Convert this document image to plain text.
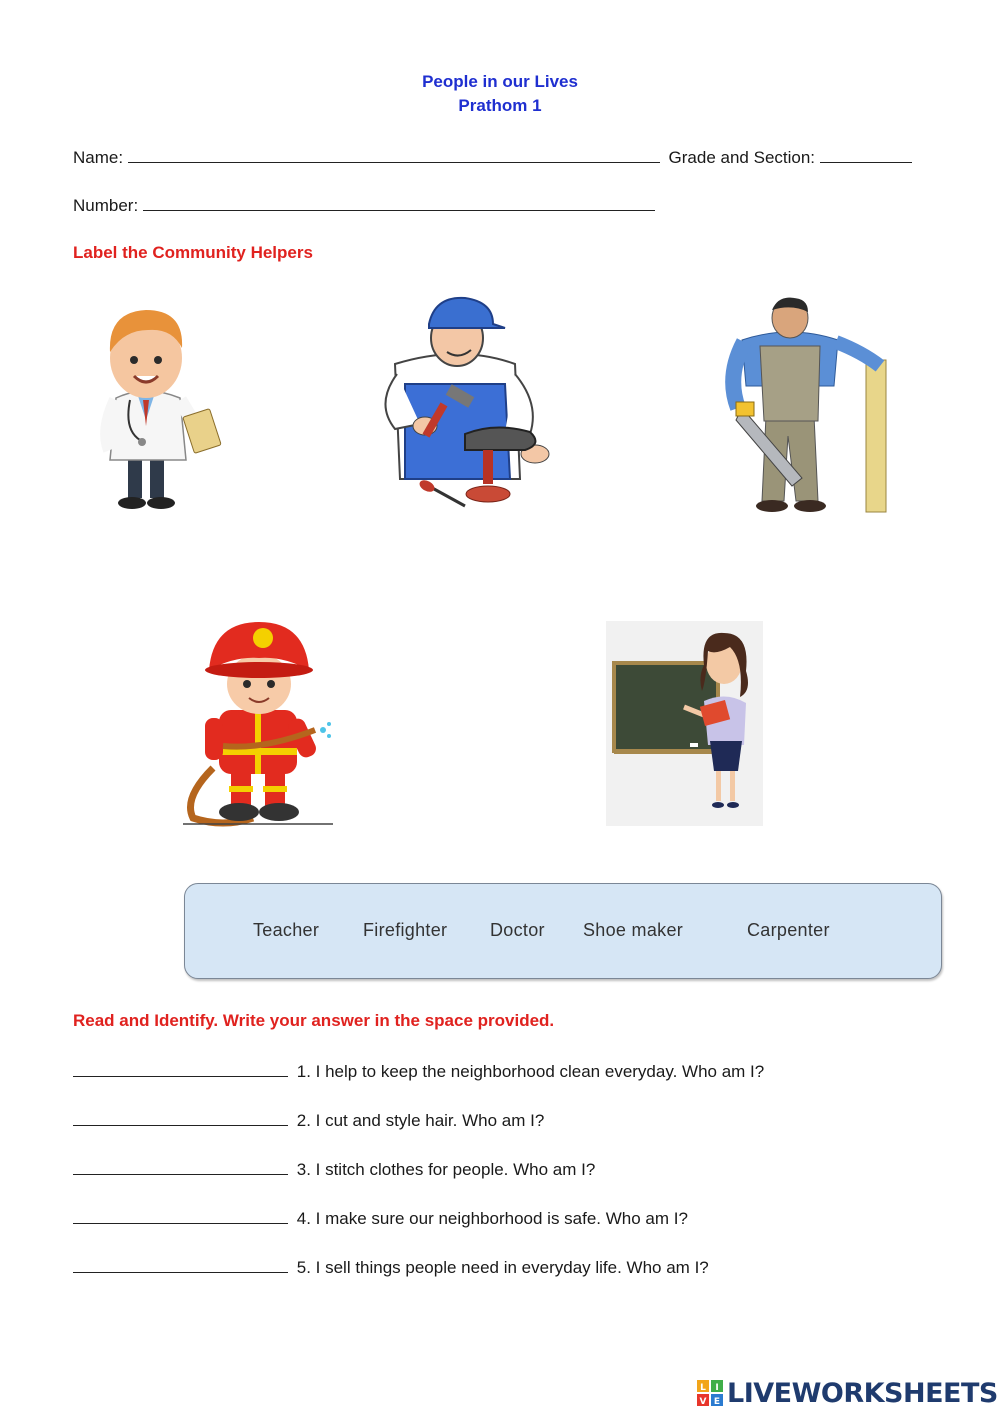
People in our Lives
Prathom 1
Name:	Grade and Section:
Number:
Label the Community Helpers
Teacher Firefighter Doctor Shoe maker	Carpenter
Read and Identify. Write your answer in the space provided.
1. I help to keep the neighborhood clean everyday. Who am I?
2. I cut and style hair. Who am I?
3. I stitch clothes for people. Who am I?
4. I make sure our neighborhood is safe. Who am I?
5. I sell things people need in everyday life. Who am I?
L I
V E LIVEWORKSHEETS
